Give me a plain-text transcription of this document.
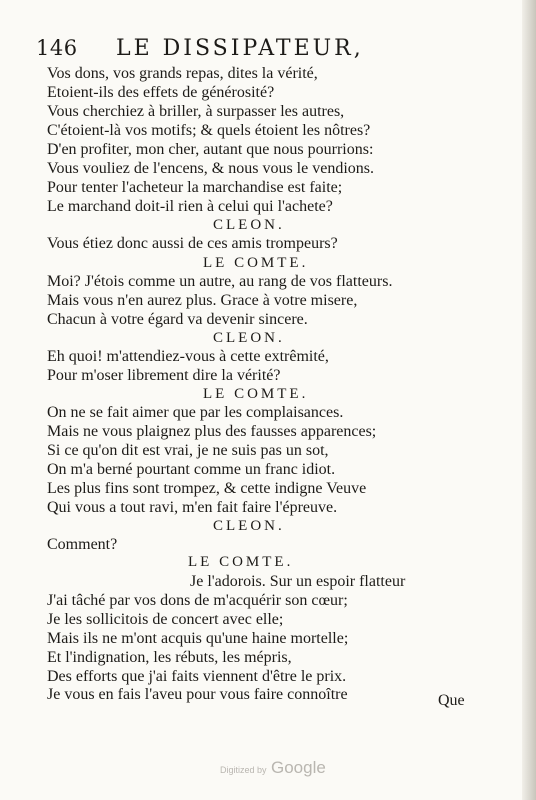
146 LE DISSIPATEUR,
Vos dons, vos grands repas, dites la vérité,
Etoient-ils des effets de générosité?
Vous cherchiez à briller, à surpasser les autres,
C'étoient-là vos motifs; & quels étoient les nôtres?
D'en profiter, mon cher, autant que nous pourrions:
Vous vouliez de l'encens, & nous vous le vendions.
Pour tenter l'acheteur la marchandise est faite;
Le marchand doit-il rien à celui qui l'achete?
CLEON.
Vous étiez donc aussi de ces amis trompeurs?
LE COMTE.
Moi? J'étois comme un autre, au rang de vos flatteurs.
Mais vous n'en aurez plus. Grace à votre misere,
Chacun à votre égard va devenir sincere.
CLEON.
Eh quoi! m'attendiez-vous à cette extrêmité,
Pour m'oser librement dire la vérité?
LE COMTE.
On ne se fait aimer que par les complaisances.
Mais ne vous plaignez plus des fausses apparences;
Si ce qu'on dit est vrai, je ne suis pas un sot,
On m'a berné pourtant comme un franc idiot.
Les plus fins sont trompez, & cette indigne Veuve
Qui vous a tout ravi, m'en fait faire l'épreuve.
CLEON.
Comment?
LE COMTE.
Je l'adorois. Sur un espoir flatteur
J'ai tâché par vos dons de m'acquérir son cœur;
Je les sollicitois de concert avec elle;
Mais ils ne m'ont acquis qu'une haine mortelle;
Et l'indignation, les rébuts, les mépris,
Des efforts que j'ai faits viennent d'être le prix.
Je vous en fais l'aveu pour vous faire connoître	Que
Digitized by Google
